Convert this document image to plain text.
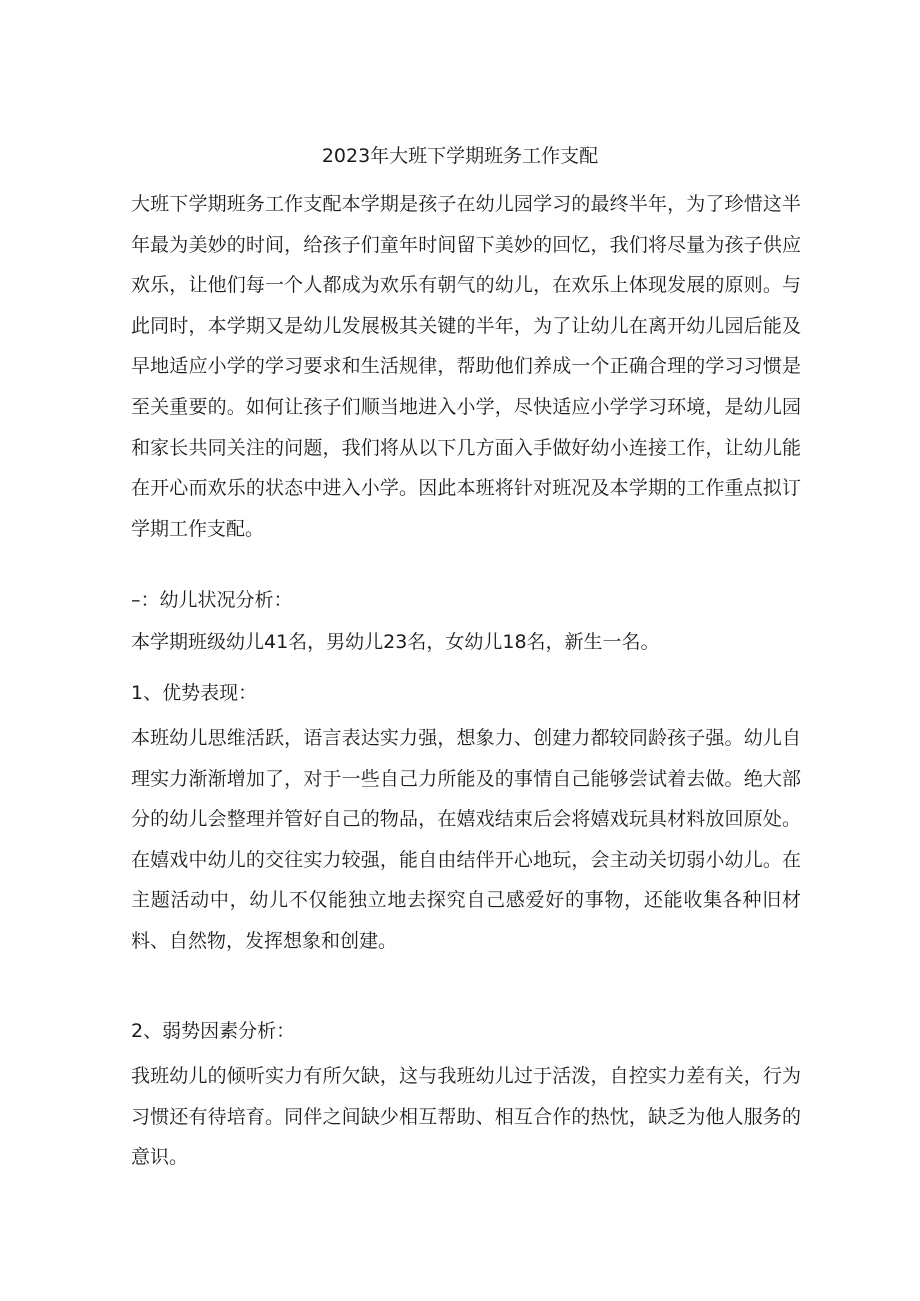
2023年大班下学期班务工作支配
大班下学期班务工作支配本学期是孩子在幼儿园学习的最终半年，为了珍惜这半年最为美妙的时间，给孩子们童年时间留下美妙的回忆，我们将尽量为孩子供应欢乐，让他们每一个人都成为欢乐有朝气的幼儿，在欢乐上体现发展的原则。与此同时，本学期又是幼儿发展极其关键的半年，为了让幼儿在离开幼儿园后能及早地适应小学的学习要求和生活规律，帮助他们养成一个正确合理的学习习惯是至关重要的。如何让孩子们顺当地进入小学，尽快适应小学学习环境，是幼儿园和家长共同关注的问题，我们将从以下几方面入手做好幼小连接工作，让幼儿能在开心而欢乐的状态中进入小学。因此本班将针对班况及本学期的工作重点拟订学期工作支配。
–：幼儿状况分析：
本学期班级幼儿41名，男幼儿23名，女幼儿18名，新生一名。
1、优势表现：
本班幼儿思维活跃，语言表达实力强，想象力、创建力都较同龄孩子强。幼儿自理实力渐渐增加了，对于一些自己力所能及的事情自己能够尝试着去做。绝大部分的幼儿会整理并管好自己的物品，在嬉戏结束后会将嬉戏玩具材料放回原处。在嬉戏中幼儿的交往实力较强，能自由结伴开心地玩，会主动关切弱小幼儿。在主题活动中，幼儿不仅能独立地去探究自己感爱好的事物，还能收集各种旧材料、自然物，发挥想象和创建。
2、弱势因素分析：
我班幼儿的倾听实力有所欠缺，这与我班幼儿过于活泼，自控实力差有关，行为习惯还有待培育。同伴之间缺少相互帮助、相互合作的热忱，缺乏为他人服务的意识。
